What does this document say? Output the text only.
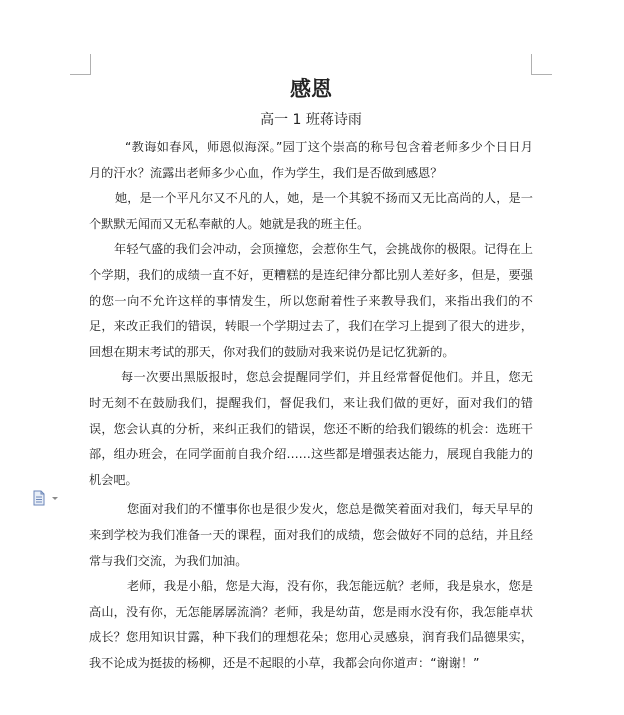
感恩

高一 1 班蒋诗雨

“教诲如春风，师恩似海深。”园丁这个崇高的称号包含着老师多少个日日月月的汗水？流露出老师多少心血，作为学生，我们是否做到感恩？

她，是一个平凡尔又不凡的人，她，是一个其貌不扬而又无比高尚的人，是一个默默无闻而又无私奉献的人。她就是我的班主任。

年轻气盛的我们会冲动，会顶撞您，会惹你生气，会挑战你的极限。记得在上个学期，我们的成绩一直不好，更糟糕的是连纪律分都比别人差好多，但是，要强的您一向不允许这样的事情发生，所以您耐着性子来教导我们，来指出我们的不足，来改正我们的错误，转眼一个学期过去了，我们在学习上提到了很大的进步，回想在期末考试的那天，你对我们的鼓励对我来说仍是记忆犹新的。

每一次要出黑版报时，您总会提醒同学们，并且经常督促他们。并且，您无时无刻不在鼓励我们，提醒我们，督促我们，来让我们做的更好，面对我们的错误，您会认真的分析，来纠正我们的错误，您还不断的给我们锻练的机会：选班干部，组办班会，在同学面前自我介绍……这些都是增强表达能力，展现自我能力的机会吧。

您面对我们的不懂事你也是很少发火，您总是微笑着面对我们，每天早早的来到学校为我们准备一天的课程，面对我们的成绩，您会做好不同的总结，并且经常与我们交流，为我们加油。

老师，我是小船，您是大海，没有你，我怎能远航？老师，我是泉水，您是高山，没有你，无怎能孱孱流淌？老师，我是幼苗，您是雨水没有你，我怎能卓状成长？您用知识甘露，种下我们的理想花朵；您用心灵感泉，润育我们品德果实，我不论成为挺拔的杨柳，还是不起眼的小草，我都会向你道声：“谢谢！”
